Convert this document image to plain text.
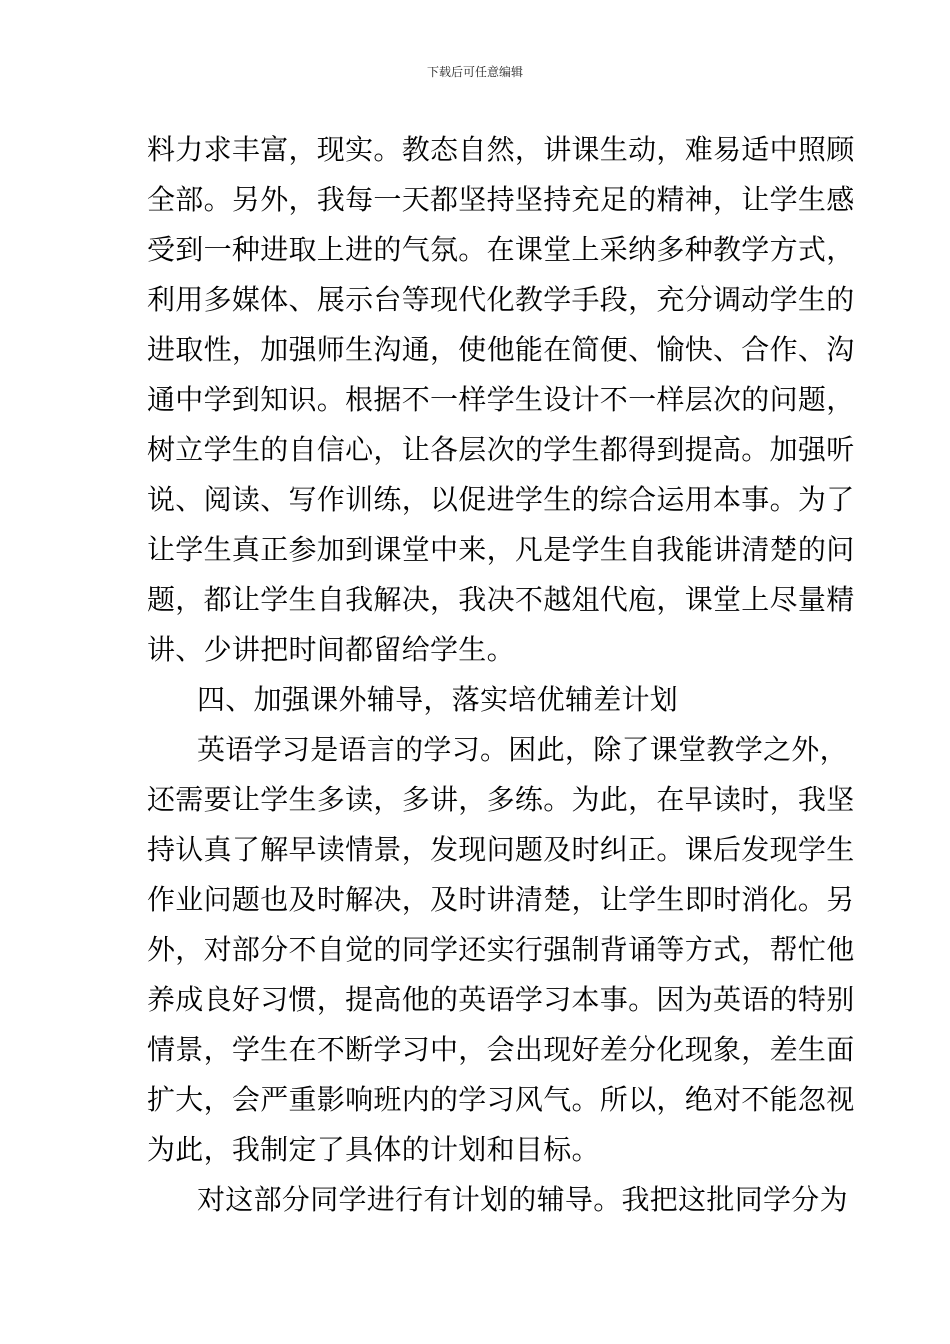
下载后可任意编辑
料力求丰富，现实。教态自然，讲课生动，难易适中照顾
全部。另外，我每一天都坚持坚持充足的精神，让学生感
受到一种进取上进的气氛。在课堂上采纳多种教学方式，
利用多媒体、展示台等现代化教学手段，充分调动学生的
进取性，加强师生沟通，使他能在简便、愉快、合作、沟
通中学到知识。根据不一样学生设计不一样层次的问题，
树立学生的自信心，让各层次的学生都得到提高。加强听
说、阅读、写作训练，以促进学生的综合运用本事。为了
让学生真正参加到课堂中来，凡是学生自我能讲清楚的问
题，都让学生自我解决，我决不越俎代庖，课堂上尽量精
讲、少讲把时间都留给学生。
四、加强课外辅导，落实培优辅差计划
英语学习是语言的学习。困此，除了课堂教学之外，
还需要让学生多读，多讲，多练。为此，在早读时，我坚
持认真了解早读情景，发现问题及时纠正。课后发现学生
作业问题也及时解决，及时讲清楚，让学生即时消化。另
外，对部分不自觉的同学还实行强制背诵等方式，帮忙他
养成良好习惯，提高他的英语学习本事。因为英语的特别
情景，学生在不断学习中，会出现好差分化现象，差生面
扩大，会严重影响班内的学习风气。所以，绝对不能忽视
为此，我制定了具体的计划和目标。
对这部分同学进行有计划的辅导。我把这批同学分为
